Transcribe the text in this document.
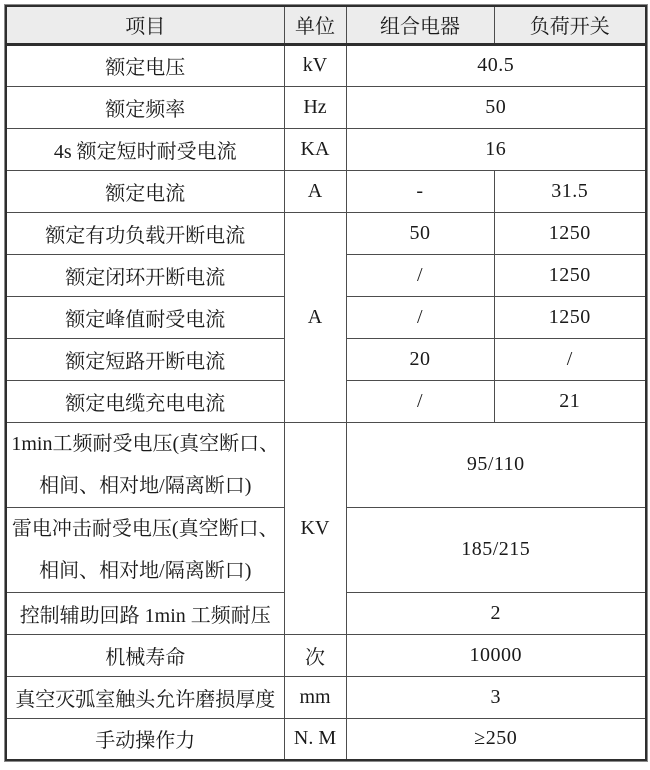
项目	单位	组合电器	负荷开关
额定电压	kV	40.5	
额定频率	Hz	50	
4s 额定短时耐受电流	KA	16	
额定电流	A	-	31.5
额定有功负载开断电流	A	50	1250
额定闭环开断电流		/	1250
额定峰值耐受电流		/	1250
额定短路开断电流		20	/
额定电缆充电电流		/	21
1min工频耐受电压(真空断口、相间、相对地/隔离断口)	KV	95/110	
雷电冲击耐受电压(真空断口、相间、相对地/隔离断口)		185/215	
控制辅助回路 1min 工频耐压		2	
机械寿命	次	10000	
真空灭弧室触头允许磨损厚度	mm	3	
手动操作力	N. M	≥250	
